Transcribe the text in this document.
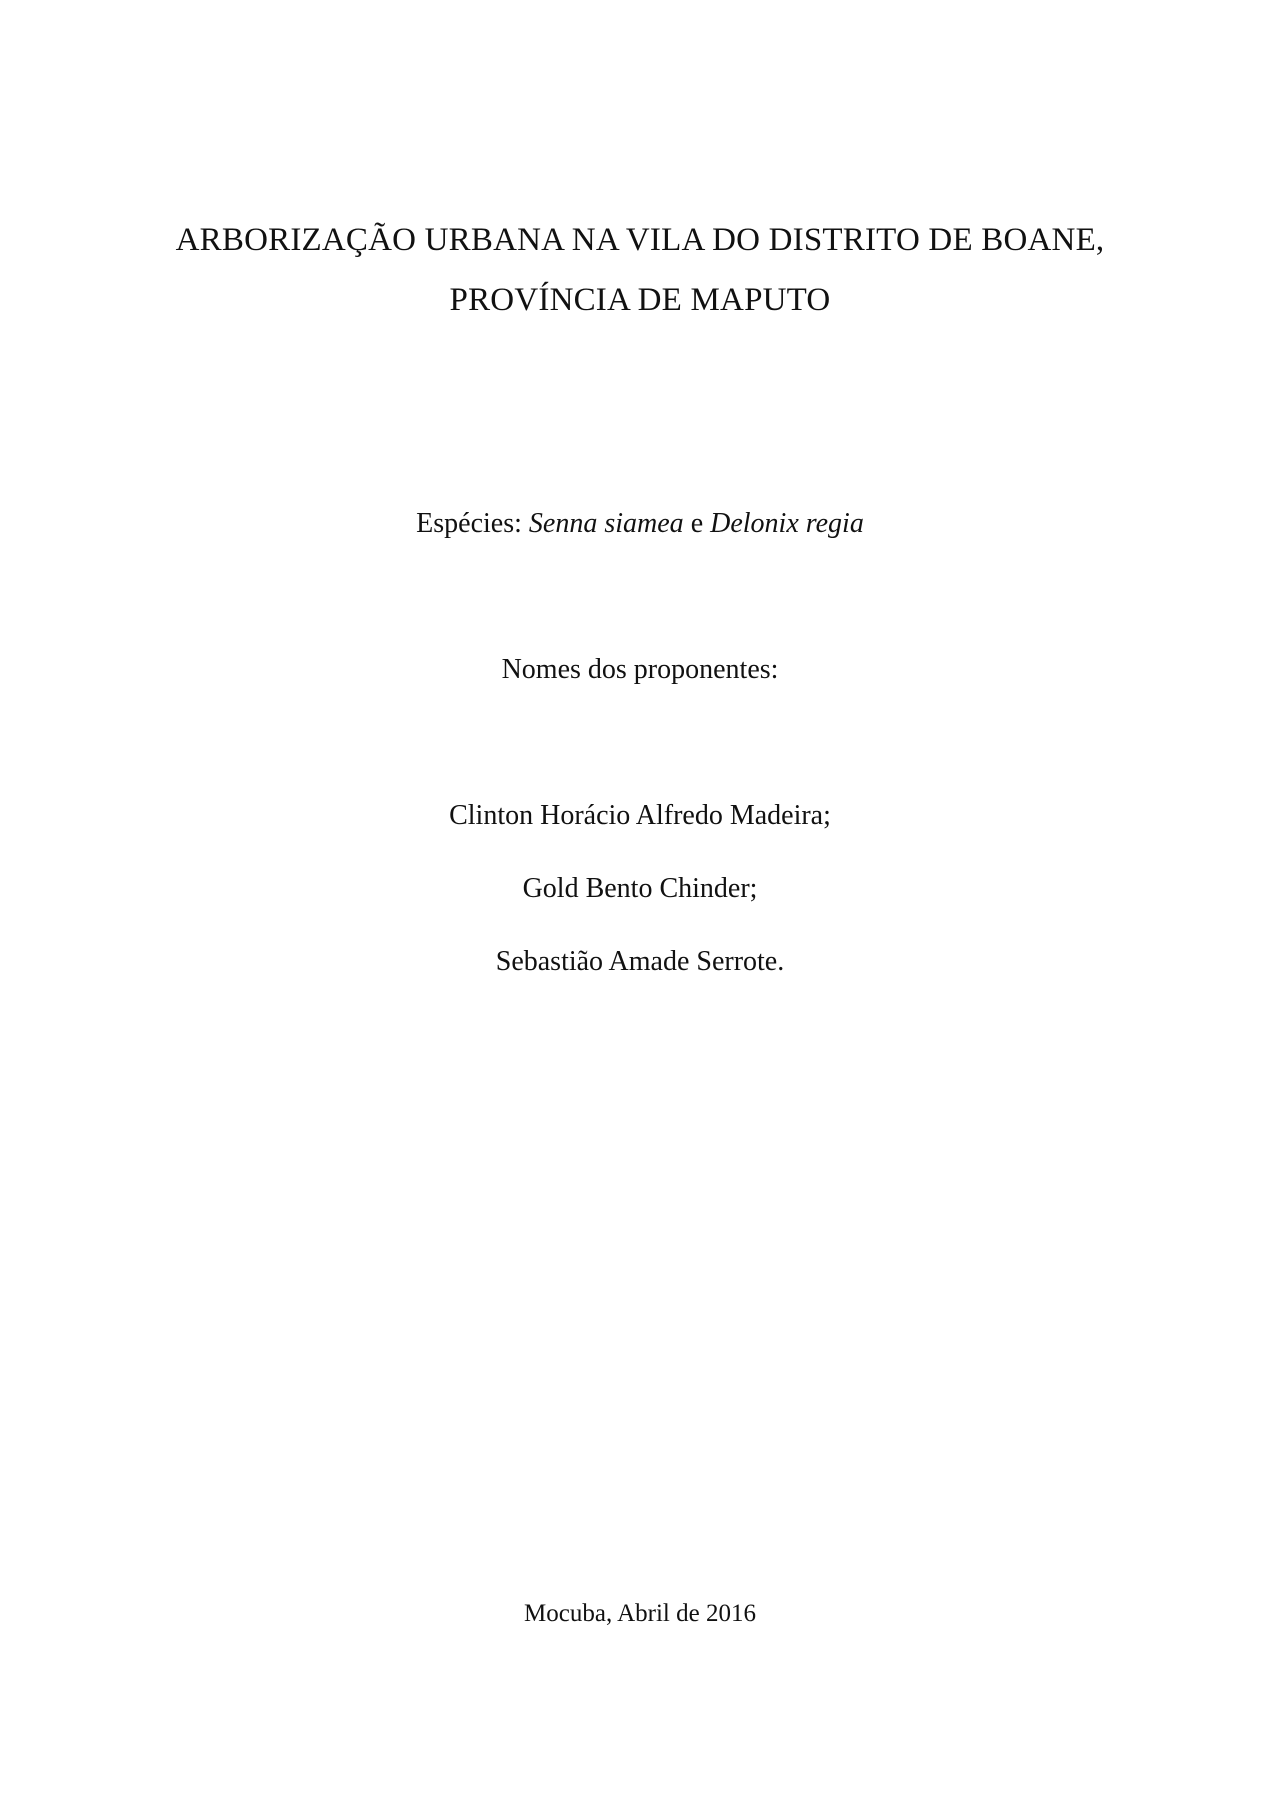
ARBORIZAÇÃO URBANA NA VILA DO DISTRITO DE BOANE,
PROVÍNCIA DE MAPUTO
Espécies: Senna siamea e Delonix regia
Nomes dos proponentes:
Clinton Horácio Alfredo Madeira;
Gold Bento Chinder;
Sebastião Amade Serrote.
Mocuba, Abril de 2016
